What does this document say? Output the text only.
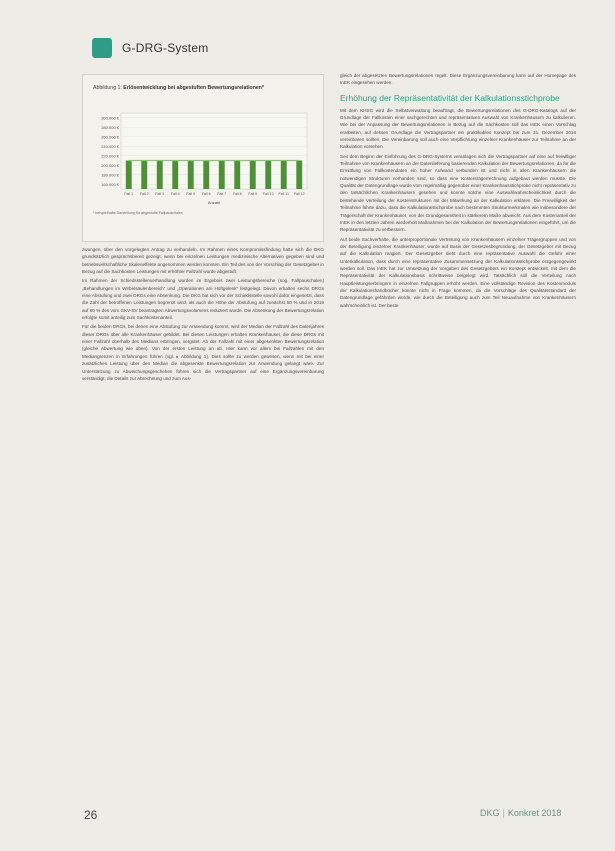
G-DRG-System
Abbildung 1: Erlösentwicklung bei abgestuften Bewertungsrelationen*
300.000 €
280.000 €
260.000 €
240.000 €
220.000 €
200.000 €
180.000 €
160.000 €
Fall 1 Fall 2 Fall 3 Fall 4 Fall 5 Fall 6 Fall 7 Fall 8 Fall 9 Fall 10 Fall 11 Fall 12
Anzahl
* beispielhafte Darstellung für abgestufte Fallpauschalen

zwungen, über den vorgelegten Antrag zu verhandeln. Im Rahmen eines Kompromissfindung hatte sich die DKG grundsätzlich gesprächsbereit gezeigt, wenn bei einzelnen Leistungen medizinische Alternativen gegeben sind und betriebswirtschaftliche Skaleneffekte angenommen werden konnten. Ein Teil des von der Vorschlag der Gesetzgeber in Bezug auf die Sachkosten Leistungen mit erhöhter Fallzahl wurde abgestuft.

Im Rahmen der Schiedsstellenverhandlung wurden im Ergebnis zwei Leistungsbereiche (sog. Fallpauschalen) „Behandlungen im Wirbelsäulenbereich“ und „Operationen am Hüftgelenk“ festgelegt. Davon erhalten sechs DRGs eine Abstufung und zwei DRGs eine Absenkung. Die DKG hat sich vor der Schiedsstelle sowohl dafür eingesetzt, dass die Zahl der betroffenen Leistungen begrenzt wird, als auch die Höhe der Abstufung auf zunächst 50 % und in 2019 auf 60 % des vom GKV-SV beantragten Abwertungsvolumens reduziert wurde. Die Absenkung der Bewertungsrelation erfolgte somit anteilig zum Sachkostenanteil.

Für die beiden DRGs, bei denen eine Abstufung zur Anwendung kommt, wird der Median der Fallzahl des Datenjahres dieser DRGs über alle Krankenhäuser gebildet. Bei diesen Leistungen erhalten Krankenhäuser, die diese DRGs mit einer Fallzahl oberhalb des Medians erbringen, vergütet. Ab der Fallzahl mit einer abgesenkten Bewertungsrelation (gleiche Abwertung wie oben). Von der ersten Leistung an ab. Hier kann vor allem bei Fallzahlen mit den Mediangrenzen in Erfahrungen führen (vgl. ▸ Abbildung 1). Dies sollte zu werden gewesen, wenn mit bei einer zusätzlichen Leistung über den Median die abgesenkte Bewertungsrelation zur Anwendung gelangt wäre. Zur Unterstützung zu Abweichungsgeschehen führen sich die Vertragspartner auf eine Ergänzungsvereinbarung verständigt, die Details zur Abrechnung und zum Aus-

gleich der abgesetzten Bewertungsrelationen regelt. Diese Ergänzungsvereinbarung kann auf der Homepage des InEK eingesehen werden.

Erhöhung der Repräsentativität der Kalkulationsstichprobe

Mit dem KHSG wird die Selbstverwaltung beauftragt, die Bewertungsrelationen des G-DRG-Katalogs auf der Grundlage der Fallkosten einer sachgerechten und repräsentativen Auswahl von Krankenhäusern zu kalkulieren. Wie bei der Anpassung der Bewertungsrelationen in Bezug auf die Sachkosten soll das InEK einen Vorschlag erarbeiten, auf dessen Grundlage die Vertragspartner ein praktikables Konzept bis zum 31. Dezember 2016 vereinbaren sollten. Die Vereinbarung soll auch eine Verpflichtung einzelner Krankenhäuser zur Teilnahme an der Kalkulation vorsehen.

Seit dem Beginn der Einführung des G-DRG-Systems veranlagen sich die Vertragspartner auf eine auf freiwilliger Teilnahme von Krankenhäusern an der Datenlieferung basierenden Kalkulation der Bewertungsrelationen, da für die Ermittlung von Fallkostendaten ein hoher Aufwand verbunden ist und nicht in allen Krankenhäusern die notwendigen Strukturen vorhanden sind, so dass eine Kostenträgerrechnung aufgebaut werden musste. Die Qualität der Datengrundlage wurde vom regelmäßig gegenüber einer Krankenhausstichprobe nicht repräsentativ zu den tatsächlichen Krankenhäusern gesehen und konnte solche eine Auswahlwahrscheinlichkeit durch die bestehende Verteilung der Kostenstrukturen mit der Mitwirkung an der Kalkulation erklären. Die Freiwilligkeit der Teilnahme führte dazu, dass die Kalkulationsstichprobe nach bestimmten Strukturmerkmalen wie insbesondere der Trägerschaft der Krankenhäuser, von der Grundgesamtheit in stärkerem Maße abweicht. Aus dem Kostenanteil der InEK in den letzten Jahren wiederholt Maßnahmen bei der Kalkulation der Bewertungsrelationen eingeführt, um die Repräsentativität zu verbessern.

Auf beide Sachverhalte, die unterproportionale Vertretung von Krankenhäusern einzelner Trägergruppen und von der Beteiligung einzelner Krankenhäuser, wurde auf Basis der Gesetzesbegründung, der Gesetzgeber mit Bezug auf die Kalkulation reagiert. Der Gesetzgeber sieht durch eine repräsentative Auswahl die Gefahr einer Unterkalkulation, dass durch eine repräsentative Zusammensetzung der Kalkulationsstichprobe entgegengewirkt werden soll. Das InEK hat zur Umsetzung der Vorgaben des Gesetzgebers ein Konzept entwickelt, mit dem die Repräsentativität der Kalkulationsbasis schrittweise beigelegt wird. Tatsächlich soll die Verteilung nach Hauptleistungserbringern in einzelnen Fallgruppen erhöht werden. Eine vollständige Revision des Kostenmoduls der Kalkulationshandbücher konnte nicht in Frage kommen, da die Vorschläge des Qualitätsstandard der Datengrundlage gefährden würde, wie durch die Beteiligung auch zum Teil Neuaufnahme von Krankenhäusern wahrscheinlich ist. Der beste

26	DKG | Konkret 2018
